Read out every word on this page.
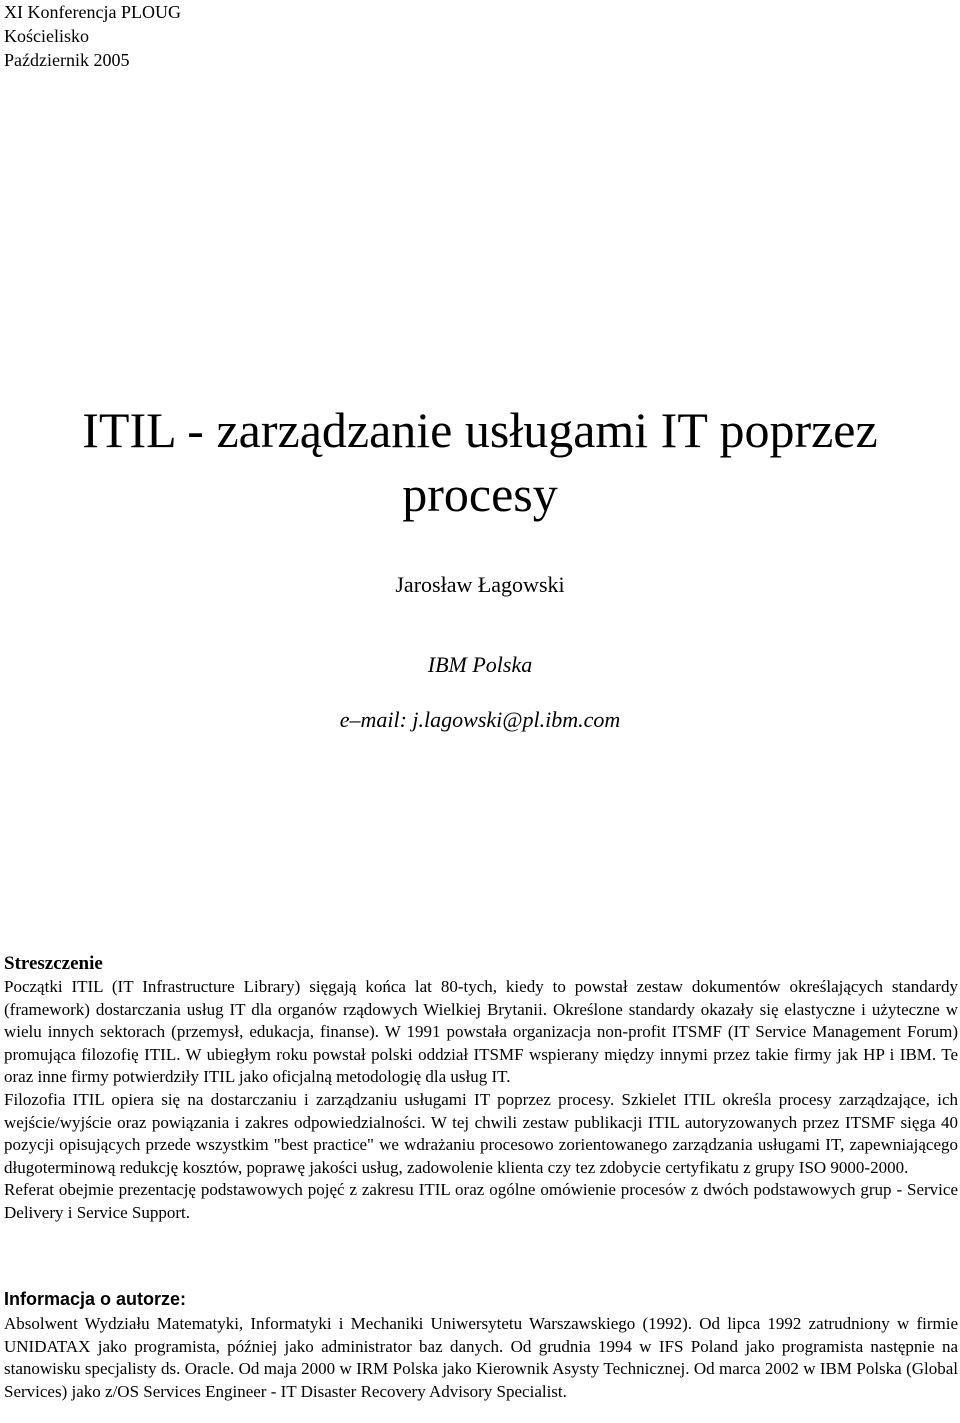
XI Konferencja PLOUG
Kościelisko
Październik 2005
ITIL - zarządzanie usługami IT poprzez
procesy
Jarosław Łagowski
IBM Polska
e–mail: j.lagowski@pl.ibm.com
Streszczenie

Początki ITIL (IT Infrastructure Library) sięgają końca lat 80-tych, kiedy to powstał zestaw dokumentów określających standardy (framework) dostarczania usług IT dla organów rządowych Wielkiej Brytanii. Określone standardy okazały się elastyczne i użyteczne w wielu innych sektorach (przemysł, edukacja, finanse). W 1991 powstała organizacja non-profit ITSMF (IT Service Management Forum) promująca filozofię ITIL. W ubiegłym roku powstał polski oddział ITSMF wspierany między innymi przez takie firmy jak HP i IBM. Te oraz inne firmy potwierdziły ITIL jako oficjalną metodologię dla usług IT.

Filozofia ITIL opiera się na dostarczaniu i zarządzaniu usługami IT poprzez procesy. Szkielet ITIL określa procesy zarządzające, ich wejście/wyjście oraz powiązania i zakres odpowiedzialności. W tej chwili zestaw publikacji ITIL autoryzowanych przez ITSMF sięga 40 pozycji opisujących przede wszystkim "best practice" we wdrażaniu procesowo zorientowanego zarządzania usługami IT, zapewniającego długoterminową redukcję kosztów, poprawę jakości usług, zadowolenie klienta czy tez zdobycie certyfikatu z grupy ISO 9000-2000.

Referat obejmie prezentację podstawowych pojęć z zakresu ITIL oraz ogólne omówienie procesów z dwóch podstawowych grup - Service Delivery i Service Support.

Informacja o autorze:

Absolwent Wydziału Matematyki, Informatyki i Mechaniki Uniwersytetu Warszawskiego (1992). Od lipca 1992 zatrudniony w firmie UNIDATAX jako programista, później jako administrator baz danych. Od grudnia 1994 w IFS Poland jako programista następnie na stanowisku specjalisty ds. Oracle. Od maja 2000 w IRM Polska jako Kierownik Asysty Technicznej. Od marca 2002 w IBM Polska (Global Services) jako z/OS Services Engineer - IT Disaster Recovery Advisory Specialist.
